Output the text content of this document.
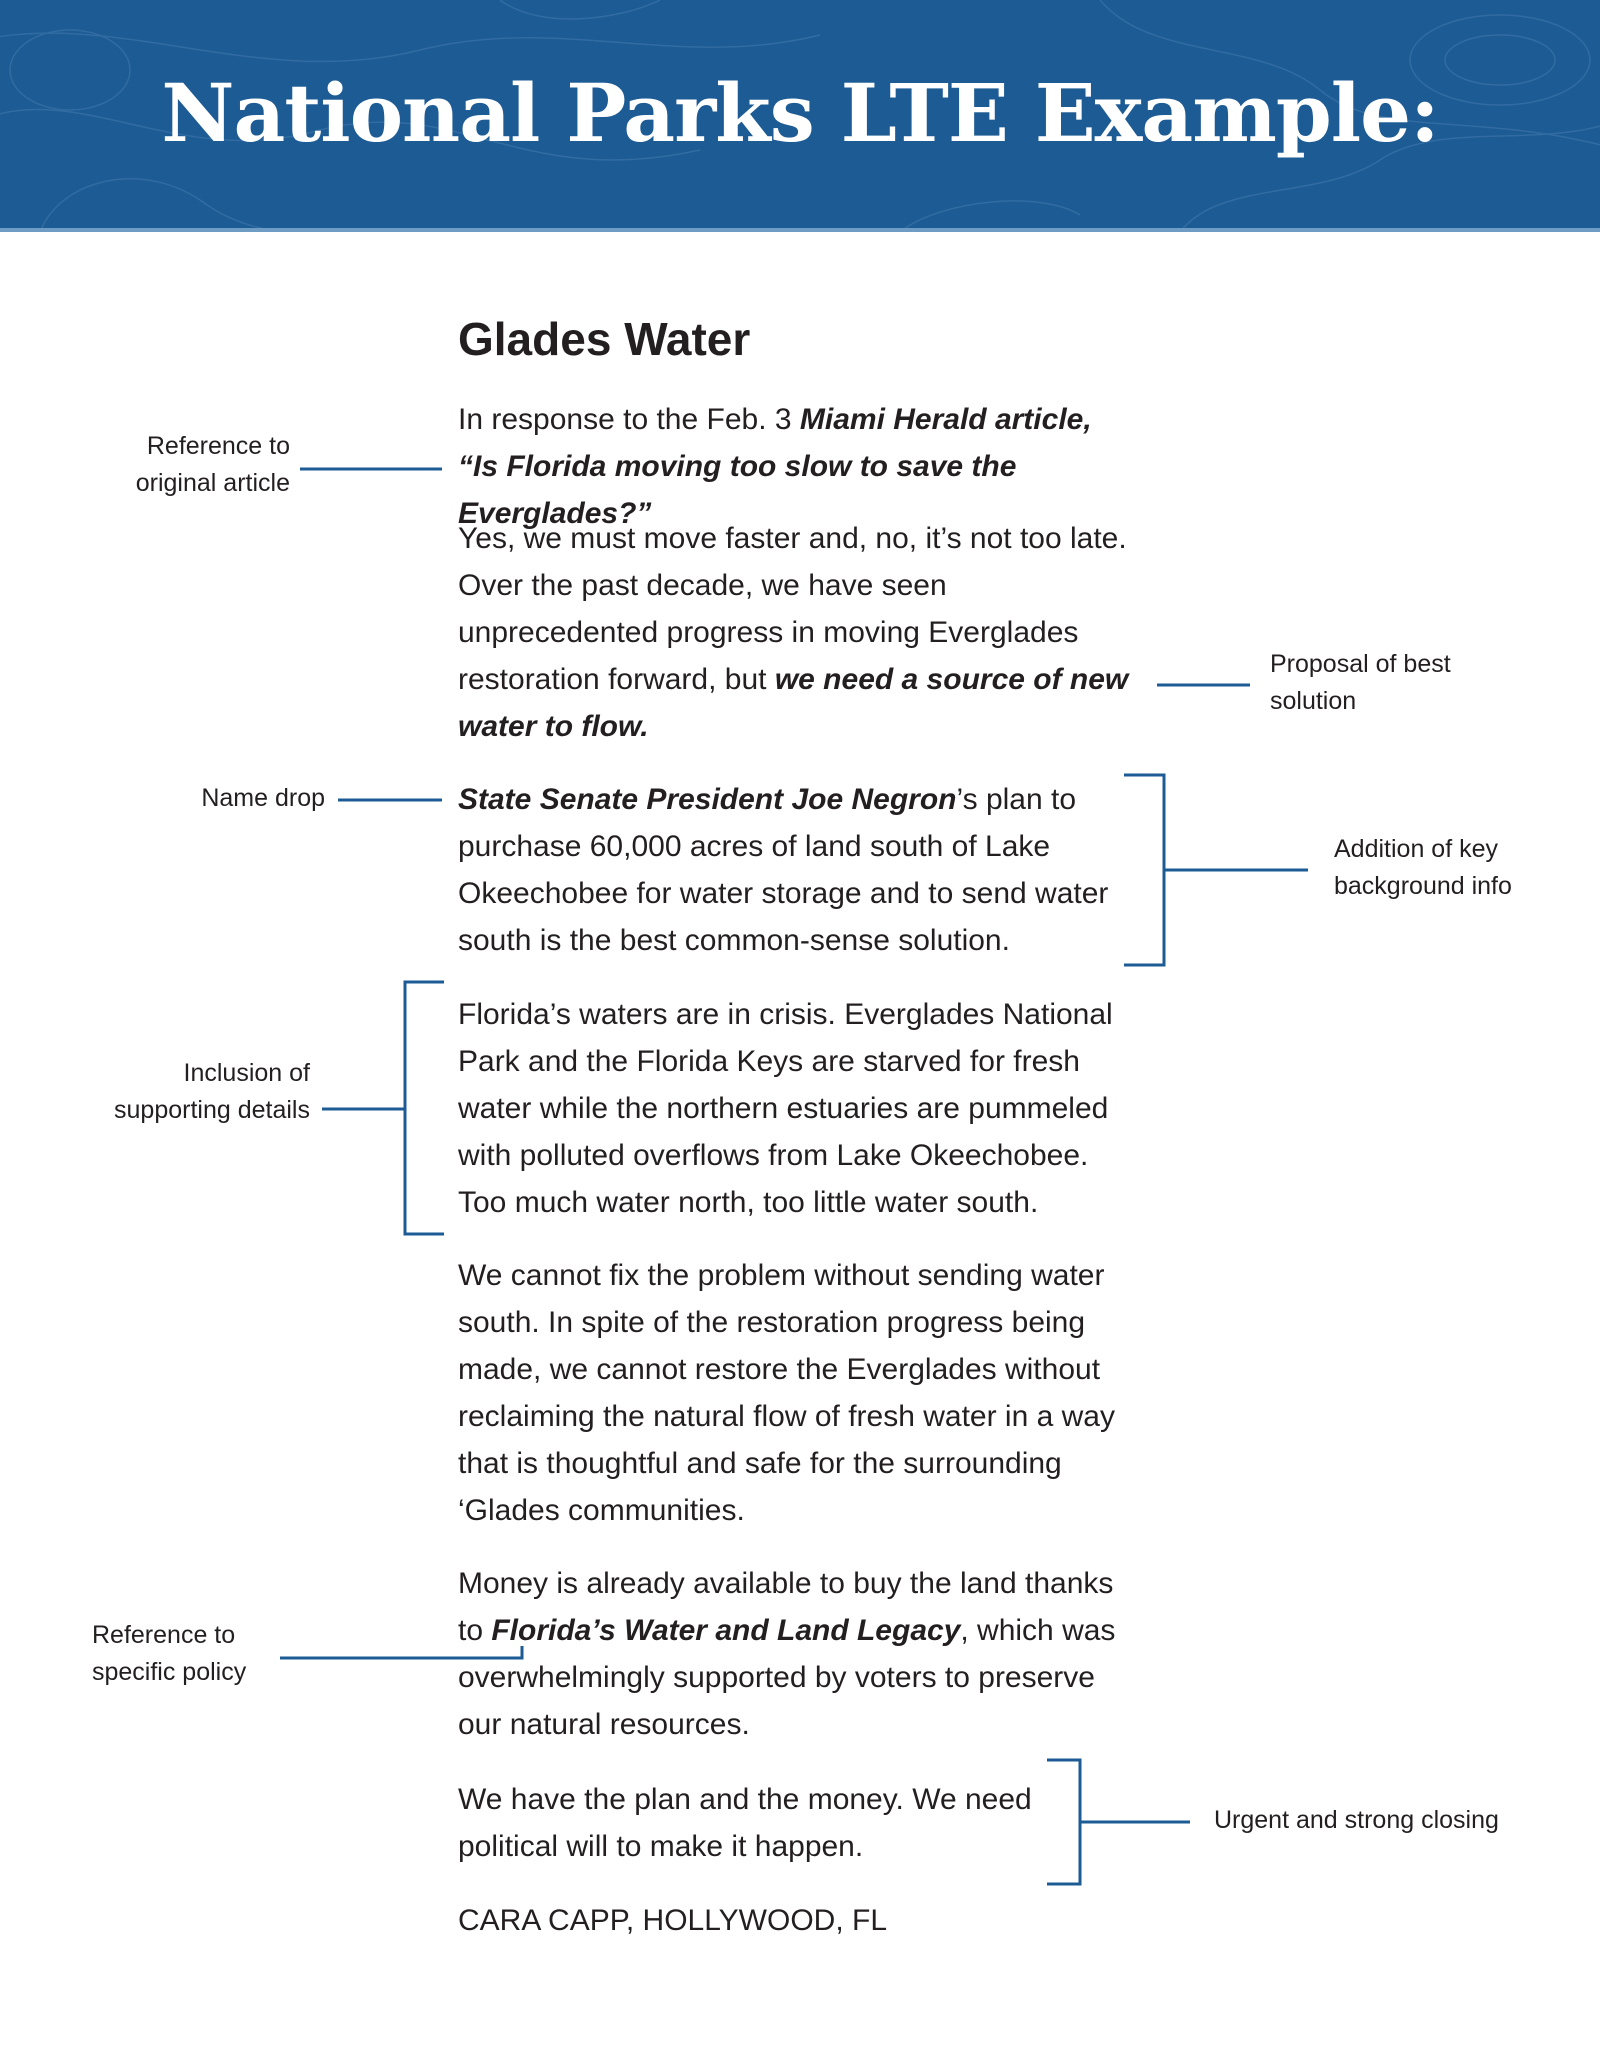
National Parks LTE Example:
Glades Water

In response to the Feb. 3 Miami Herald article, “Is Florida moving too slow to save the Everglades?”

Yes, we must move faster and, no, it’s not too late. Over the past decade, we have seen unprecedented progress in moving Everglades restoration forward, but we need a source of new water to flow.

State Senate President Joe Negron’s plan to purchase 60,000 acres of land south of Lake Okeechobee for water storage and to send water south is the best common-sense solution.

Florida’s waters are in crisis. Everglades National Park and the Florida Keys are starved for fresh water while the northern estuaries are pummeled with polluted overflows from Lake Okeechobee. Too much water north, too little water south.

We cannot fix the problem without sending water south. In spite of the restoration progress being made, we cannot restore the Everglades without reclaiming the natural flow of fresh water in a way that is thoughtful and safe for the surrounding ‘Glades communities.

Money is already available to buy the land thanks to Florida’s Water and Land Legacy, which was overwhelmingly supported by voters to preserve our natural resources.

We have the plan and the money. We need political will to make it happen.

CARA CAPP, HOLLYWOOD, FL

Reference to original article

Proposal of best solution

Name drop

Addition of key background info

Inclusion of supporting details

Reference to specific policy

Urgent and strong closing
